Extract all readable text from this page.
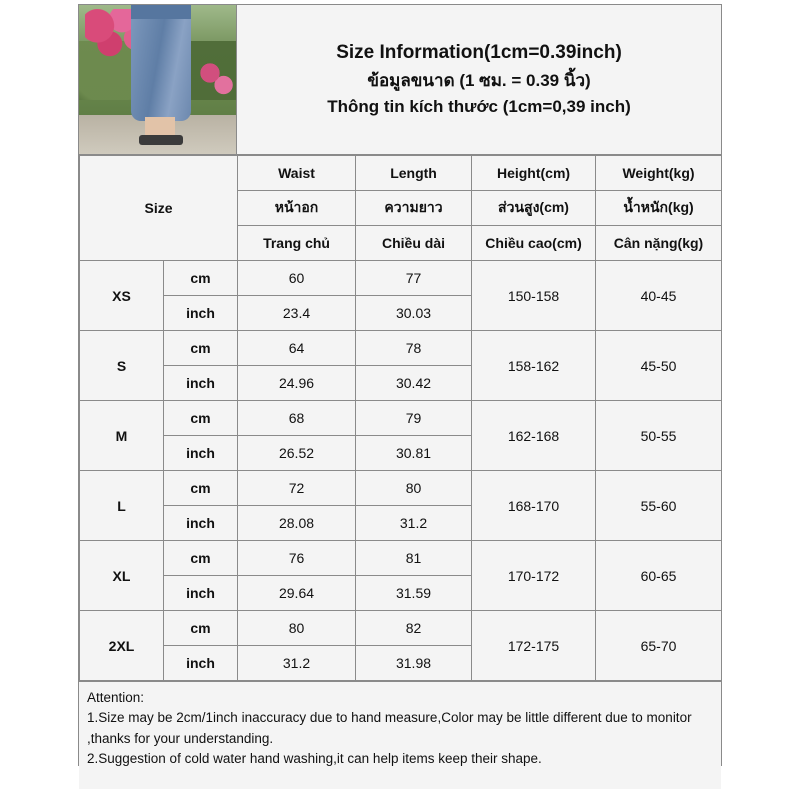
Size Information(1cm=0.39inch)
ข้อมูลขนาด (1 ซม. = 0.39 นิ้ว)
Thông tin kích thước (1cm=0,39 inch)
Size		Waist	Length	Height(cm)	Weight(kg)
		หน้าอก	ความยาว	ส่วนสูง(cm)	น้ำหนัก(kg)
		Trang chủ	Chiều dài	Chiều cao(cm)	Cân nặng(kg)
XS	cm	60	77	150-158	40-45
	inch	23.4	30.03		
S	cm	64	78	158-162	45-50
	inch	24.96	30.42		
M	cm	68	79	162-168	50-55
	inch	26.52	30.81		
L	cm	72	80	168-170	55-60
	inch	28.08	31.2		
XL	cm	76	81	170-172	60-65
	inch	29.64	31.59		
2XL	cm	80	82	172-175	65-70
	inch	31.2	31.98		

Attention:

1.Size may be 2cm/1inch inaccuracy due to hand measure,Color may be little different due to monitor ,thanks for your understanding.

2.Suggestion of cold water hand washing,it can help items keep their shape.
